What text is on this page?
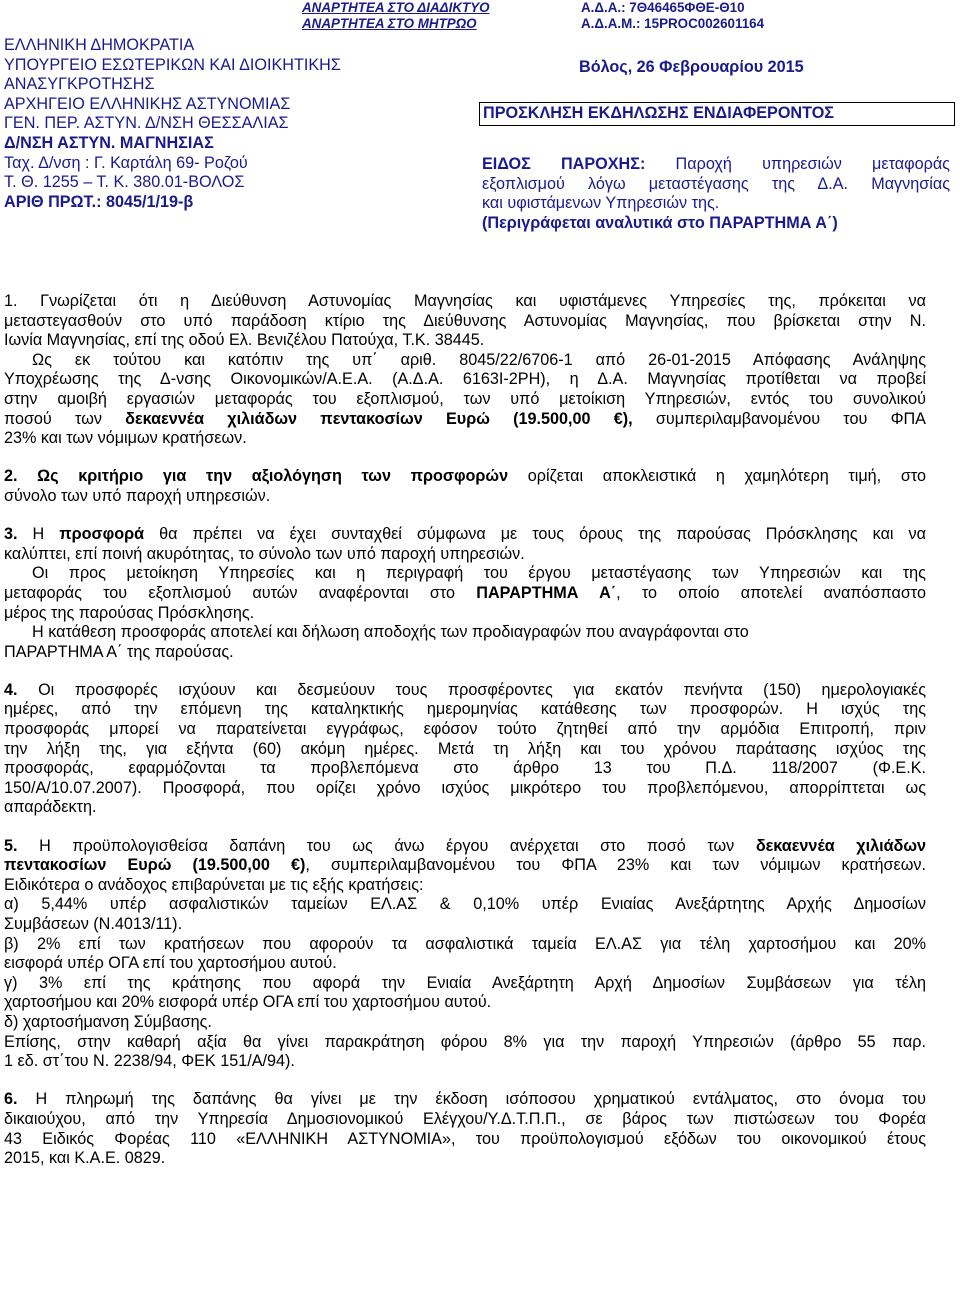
ΑΝΑΡΤΗΤΕΑ ΣΤΟ ΔΙΑΔΙΚΤΥΟ
ΑΝΑΡΤΗΤΕΑ ΣΤΟ ΜΗΤΡΩΟ
Α.Δ.Α.: 7Θ46465ΦΘΕ-Θ10
Α.Δ.Α.Μ.: 15PROC002601164
ΕΛΛΗΝΙΚΗ ΔΗΜΟΚΡΑΤΙΑ
ΥΠΟΥΡΓΕΙΟ ΕΣΩΤΕΡΙΚΩΝ ΚΑΙ ΔΙΟΙΚΗΤΙΚΗΣ
ΑΝΑΣΥΓΚΡΟΤΗΣΗΣ
ΑΡΧΗΓΕΙΟ ΕΛΛΗΝΙΚΗΣ ΑΣΤΥΝΟΜΙΑΣ
ΓΕΝ. ΠΕΡ. ΑΣΤΥΝ. Δ/ΝΣΗ ΘΕΣΣΑΛΙΑΣ
Δ/ΝΣΗ ΑΣΤΥΝ. ΜΑΓΝΗΣΙΑΣ
Ταχ. Δ/νση : Γ. Καρτάλη 69- Ροζού
Τ. Θ. 1255 – Τ. Κ. 380.01-ΒΟΛΟΣ
ΑΡΙΘ ΠΡΩΤ.: 8045/1/19-β
Βόλος, 26 Φεβρουαρίου 2015
ΠΡΟΣΚΛΗΣΗ ΕΚΔΗΛΩΣΗΣ ΕΝΔΙΑΦΕΡΟΝΤΟΣ
ΕΙΔΟΣ ΠΑΡΟΧΗΣ: Παροχή υπηρεσιών μεταφοράς
εξοπλισμού λόγω μεταστέγασης της Δ.Α. Μαγνησίας
και υφιστάμενων Υπηρεσιών της.
(Περιγράφεται αναλυτικά στο ΠΑΡΑΡΤΗΜΑ Α΄)
1. Γνωρίζεται ότι η Διεύθυνση Αστυνομίας Μαγνησίας και υφιστάμενες Υπηρεσίες της, πρόκειται να
μεταστεγασθούν στο υπό παράδοση κτίριο της Διεύθυνσης Αστυνομίας Μαγνησίας, που βρίσκεται στην Ν.
Ιωνία Μαγνησίας, επί της οδού Ελ. Βενιζέλου Πατούχα, Τ.Κ. 38445.
Ως εκ τούτου και κατόπιν της υπ΄ αριθ. 8045/22/6706-1 από 26-01-2015 Απόφασης Ανάληψης
Υποχρέωσης της Δ-νσης Οικονομικών/Α.Ε.Α. (Α.Δ.Α. 6163Ι-2ΡΗ), η Δ.Α. Μαγνησίας προτίθεται να προβεί
στην αμοιβή εργασιών μεταφοράς του εξοπλισμού, των υπό μετοίκιση Υπηρεσιών, εντός του συνολικού
ποσού των δεκαεννέα χιλιάδων πεντακοσίων Ευρώ (19.500,00 €), συμπεριλαμβανομένου του ΦΠΑ
23% και των νόμιμων κρατήσεων.
2. Ως κριτήριο για την αξιολόγηση των προσφορών ορίζεται αποκλειστικά η χαμηλότερη τιμή, στο
σύνολο των υπό παροχή υπηρεσιών.
3. Η προσφορά θα πρέπει να έχει συνταχθεί σύμφωνα με τους όρους της παρούσας Πρόσκλησης και να
καλύπτει, επί ποινή ακυρότητας, το σύνολο των υπό παροχή υπηρεσιών.
Οι προς μετοίκηση Υπηρεσίες και η περιγραφή του έργου μεταστέγασης των Υπηρεσιών και της
μεταφοράς του εξοπλισμού αυτών αναφέρονται στο ΠΑΡΑΡΤΗΜΑ Α΄, το οποίο αποτελεί αναπόσπαστο
μέρος της παρούσας Πρόσκλησης.
Η κατάθεση προσφοράς αποτελεί και δήλωση αποδοχής των προδιαγραφών που αναγράφονται στο
ΠΑΡΑΡΤΗΜΑ Α΄ της παρούσας.
4. Οι προσφορές ισχύουν και δεσμεύουν τους προσφέροντες για εκατόν πενήντα (150) ημερολογιακές
ημέρες, από την επόμενη της καταληκτικής ημερομηνίας κατάθεσης των προσφορών. Η ισχύς της
προσφοράς μπορεί να παρατείνεται εγγράφως, εφόσον τούτο ζητηθεί από την αρμόδια Επιτροπή, πριν
την λήξη της, για εξήντα (60) ακόμη ημέρες. Μετά τη λήξη και του χρόνου παράτασης ισχύος της
προσφοράς, εφαρμόζονται τα προβλεπόμενα στο άρθρο 13 του Π.Δ. 118/2007 (Φ.Ε.Κ.
150/Α/10.07.2007). Προσφορά, που ορίζει χρόνο ισχύος μικρότερο του προβλεπόμενου, απορρίπτεται ως
απαράδεκτη.
5. Η προϋπολογισθείσα δαπάνη του ως άνω έργου ανέρχεται στο ποσό των δεκαεννέα χιλιάδων
πεντακοσίων Ευρώ (19.500,00 €), συμπεριλαμβανομένου του ΦΠΑ 23% και των νόμιμων κρατήσεων.
Ειδικότερα ο ανάδοχος επιβαρύνεται με τις εξής κρατήσεις:
α) 5,44% υπέρ ασφαλιστικών ταμείων ΕΛ.ΑΣ & 0,10% υπέρ Ενιαίας Ανεξάρτητης Αρχής Δημοσίων
Συμβάσεων (Ν.4013/11).
β) 2% επί των κρατήσεων που αφορούν τα ασφαλιστικά ταμεία ΕΛ.ΑΣ για τέλη χαρτοσήμου και 20%
εισφορά υπέρ ΟΓΑ επί του χαρτοσήμου αυτού.
γ) 3% επί της κράτησης που αφορά την Ενιαία Ανεξάρτητη Αρχή Δημοσίων Συμβάσεων για τέλη
χαρτοσήμου και 20% εισφορά υπέρ ΟΓΑ επί του χαρτοσήμου αυτού.
δ) χαρτοσήμανση Σύμβασης.
Επίσης, στην καθαρή αξία θα γίνει παρακράτηση φόρου 8% για την παροχή Υπηρεσιών (άρθρο 55 παρ.
1 εδ. στ΄του Ν. 2238/94, ΦΕΚ 151/Α/94).
6. Η πληρωμή της δαπάνης θα γίνει με την έκδοση ισόποσου χρηματικού εντάλματος, στο όνομα του
δικαιούχου, από την Υπηρεσία Δημοσιονομικού Ελέγχου/Υ.Δ.Τ.Π.Π., σε βάρος των πιστώσεων του Φορέα
43 Ειδικός Φορέας 110 «ΕΛΛΗΝΙΚΗ ΑΣΤΥΝΟΜΙΑ», του προϋπολογισμού εξόδων του οικονομικού έτους
2015, και Κ.Α.Ε. 0829.
